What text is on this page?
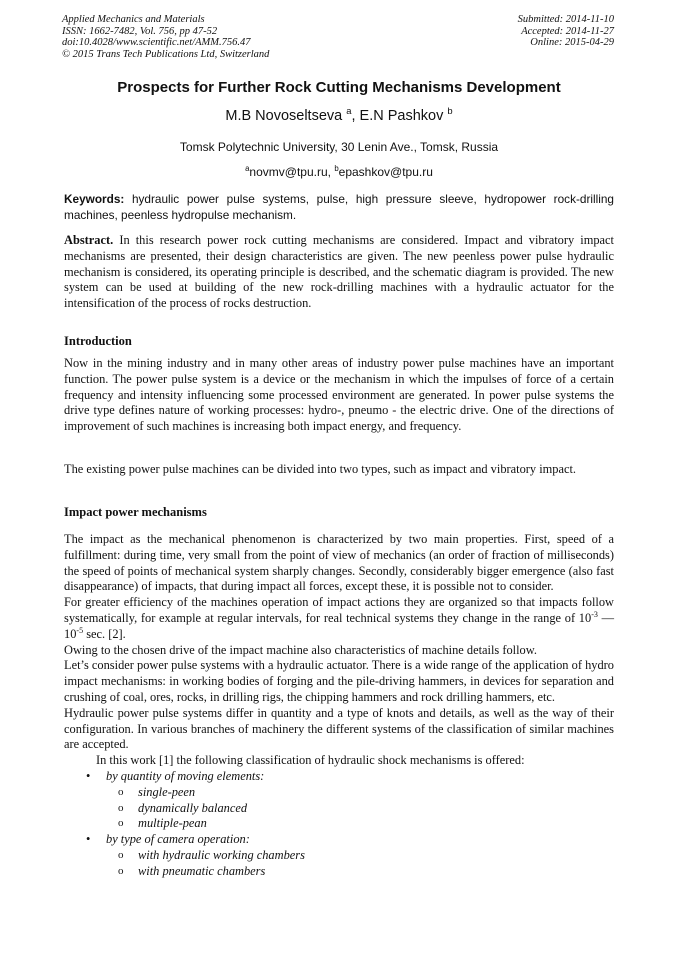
Applied Mechanics and Materials
ISSN: 1662-7482, Vol. 756, pp 47-52
doi:10.4028/www.scientific.net/AMM.756.47
© 2015 Trans Tech Publications Ltd, Switzerland
Submitted: 2014-11-10
Accepted: 2014-11-27
Online: 2015-04-29
Prospects for Further Rock Cutting Mechanisms Development
M.B Novoseltseva $^a$, E.N Pashkov $^b$
Tomsk Polytechnic University, 30 Lenin Ave., Tomsk, Russia
$^a$novmv@tpu.ru, $^b$epashkov@tpu.ru
Keywords: hydraulic power pulse systems, pulse, high pressure sleeve, hydropower rock-drilling machines, peenless hydropulse mechanism.
Abstract. In this research power rock cutting mechanisms are considered. Impact and vibratory impact mechanisms are presented, their design characteristics are given. The new peenless power pulse hydraulic mechanism is considered, its operating principle is described, and the schematic diagram is provided. The new system can be used at building of the new rock-drilling machines with a hydraulic actuator for the intensification of the process of rocks destruction.
Introduction
Now in the mining industry and in many other areas of industry power pulse machines have an important function. The power pulse system is a device or the mechanism in which the impulses of force of a certain frequency and intensity influencing some processed environment are generated. In power pulse systems the drive type defines nature of working processes: hydro-, pneumo - the electric drive. One of the directions of improvement of such machines is increasing both impact energy, and frequency.
The existing power pulse machines can be divided into two types, such as impact and vibratory impact.
Impact power mechanisms

The impact as the mechanical phenomenon is characterized by two main properties. First, speed of a fulfillment: during time, very small from the point of view of mechanics (an order of fraction of milliseconds) the speed of points of mechanical system sharply changes. Secondly, considerably bigger emergence (also fast disappearance) of impacts, that during impact all forces, except these, it is possible not to consider.

For greater efficiency of the machines operation of impact actions they are organized so that impacts follow systematically, for example at regular intervals, for real technical systems they change in the range of $10^{-3}$ — $10^{-5}$ sec. [2].

Owing to the chosen drive of the impact machine also characteristics of machine details follow.

Let’s consider power pulse systems with a hydraulic actuator. There is a wide range of the application of hydro impact mechanisms: in working bodies of forging and the pile-driving hammers, in devices for separation and crushing of coal, ores, rocks, in drilling rigs, the chipping hammers and rock drilling hammers, etc.

Hydraulic power pulse systems differ in quantity and a type of knots and details, as well as the way of their configuration. In various branches of machinery the different systems of the classification of similar machines are accepted.

In this work [1] the following classification of hydraulic shock mechanisms is offered:

• by quantity of moving elements:
o single-peen
o dynamically balanced
o multiple-pean
• by type of camera operation:
o with hydraulic working chambers
o with pneumatic chambers
